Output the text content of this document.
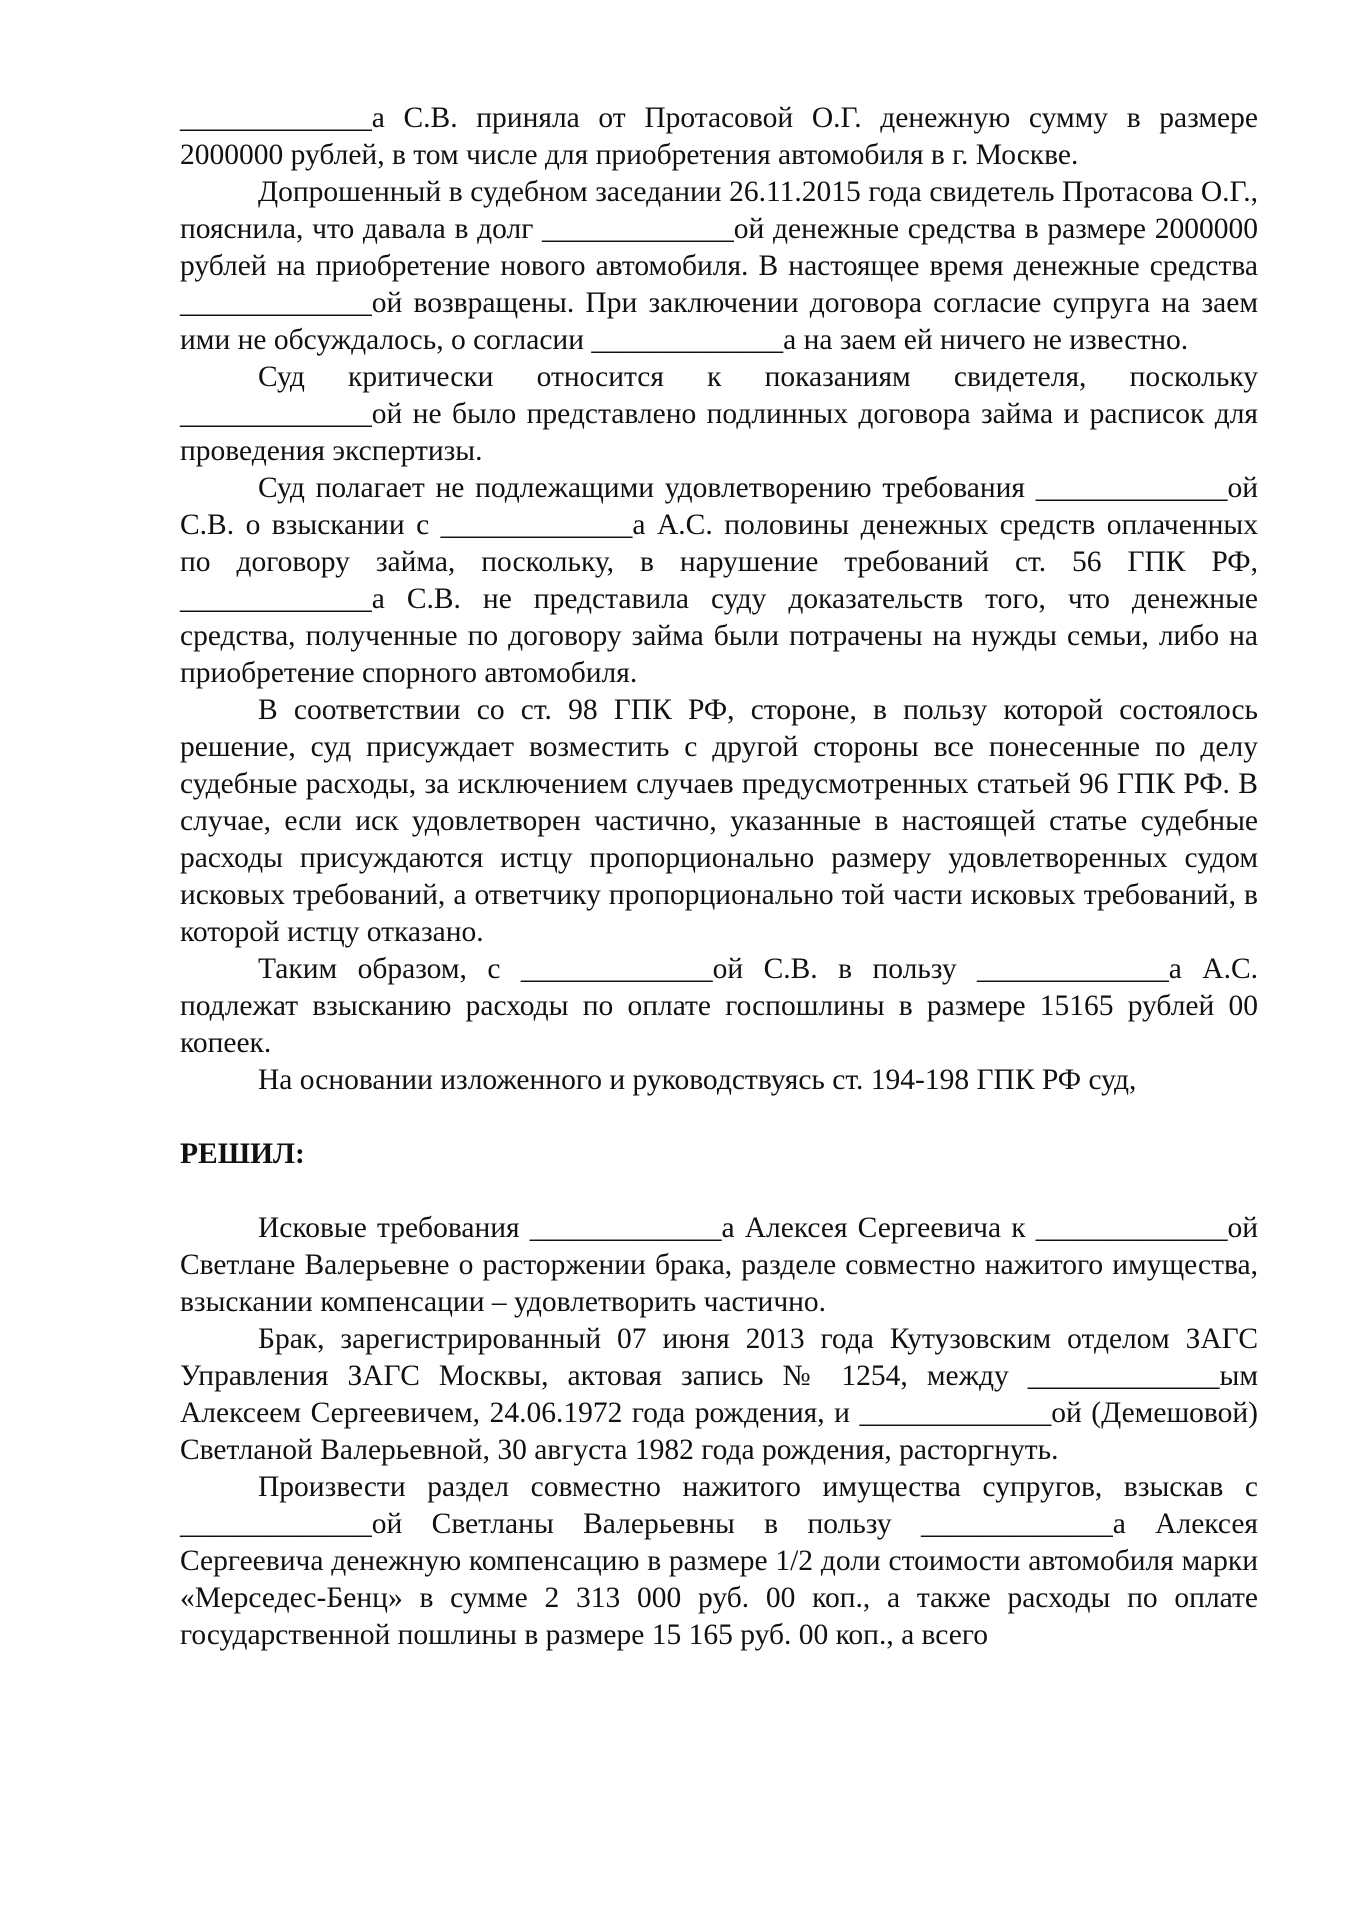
_____________а С.В. приняла от Протасовой О.Г. денежную сумму в размере 2000000 рублей, в том числе для приобретения автомобиля в г. Москве.

Допрошенный в судебном заседании 26.11.2015 года свидетель Протасова О.Г., пояснила, что давала в долг _____________ой денежные средства в размере 2000000 рублей на приобретение нового автомобиля. В настоящее время денежные средства _____________ой возвращены. При заключении договора согласие супруга на заем ими не обсуждалось, о согласии _____________а на заем ей ничего не известно.

Суд критически относится к показаниям свидетеля, поскольку _____________ой не было представлено подлинных договора займа и расписок для проведения экспертизы.

Суд полагает не подлежащими удовлетворению требования _____________ой С.В. о взыскании с _____________а А.С. половины денежных средств оплаченных по договору займа, поскольку, в нарушение требований ст. 56 ГПК РФ, _____________а С.В. не представила суду доказательств того, что денежные средства, полученные по договору займа были потрачены на нужды семьи, либо на приобретение спорного автомобиля.

В соответствии со ст. 98 ГПК РФ, стороне, в пользу которой состоялось решение, суд присуждает возместить с другой стороны все понесенные по делу судебные расходы, за исключением случаев предусмотренных статьей 96 ГПК РФ. В случае, если иск удовлетворен частично, указанные в настоящей статье судебные расходы присуждаются истцу пропорционально размеру удовлетворенных судом исковых требований, а ответчику пропорционально той части исковых требований, в которой истцу отказано.

Таким образом, с _____________ой С.В. в пользу _____________а А.С. подлежат взысканию расходы по оплате госпошлины в размере 15165 рублей 00 копеек.

На основании изложенного и руководствуясь ст. 194-198 ГПК РФ суд,

РЕШИЛ:

Исковые требования _____________а Алексея Сергеевича к _____________ой Светлане Валерьевне о расторжении брака, разделе совместно нажитого имущества, взыскании компенсации – удовлетворить частично.

Брак, зарегистрированный 07 июня 2013 года Кутузовским отделом ЗАГС Управления ЗАГС Москвы, актовая запись № 1254, между _____________ым Алексеем Сергеевичем, 24.06.1972 года рождения, и _____________ой (Демешовой) Светланой Валерьевной, 30 августа 1982 года рождения, расторгнуть.

Произвести раздел совместно нажитого имущества супругов, взыскав с _____________ой Светланы Валерьевны в пользу _____________а Алексея Сергеевича денежную компенсацию в размере 1/2 доли стоимости автомобиля марки «Мерседес-Бенц» в сумме 2 313 000 руб. 00 коп., а также расходы по оплате государственной пошлины в размере 15 165 руб. 00 коп., а всего
